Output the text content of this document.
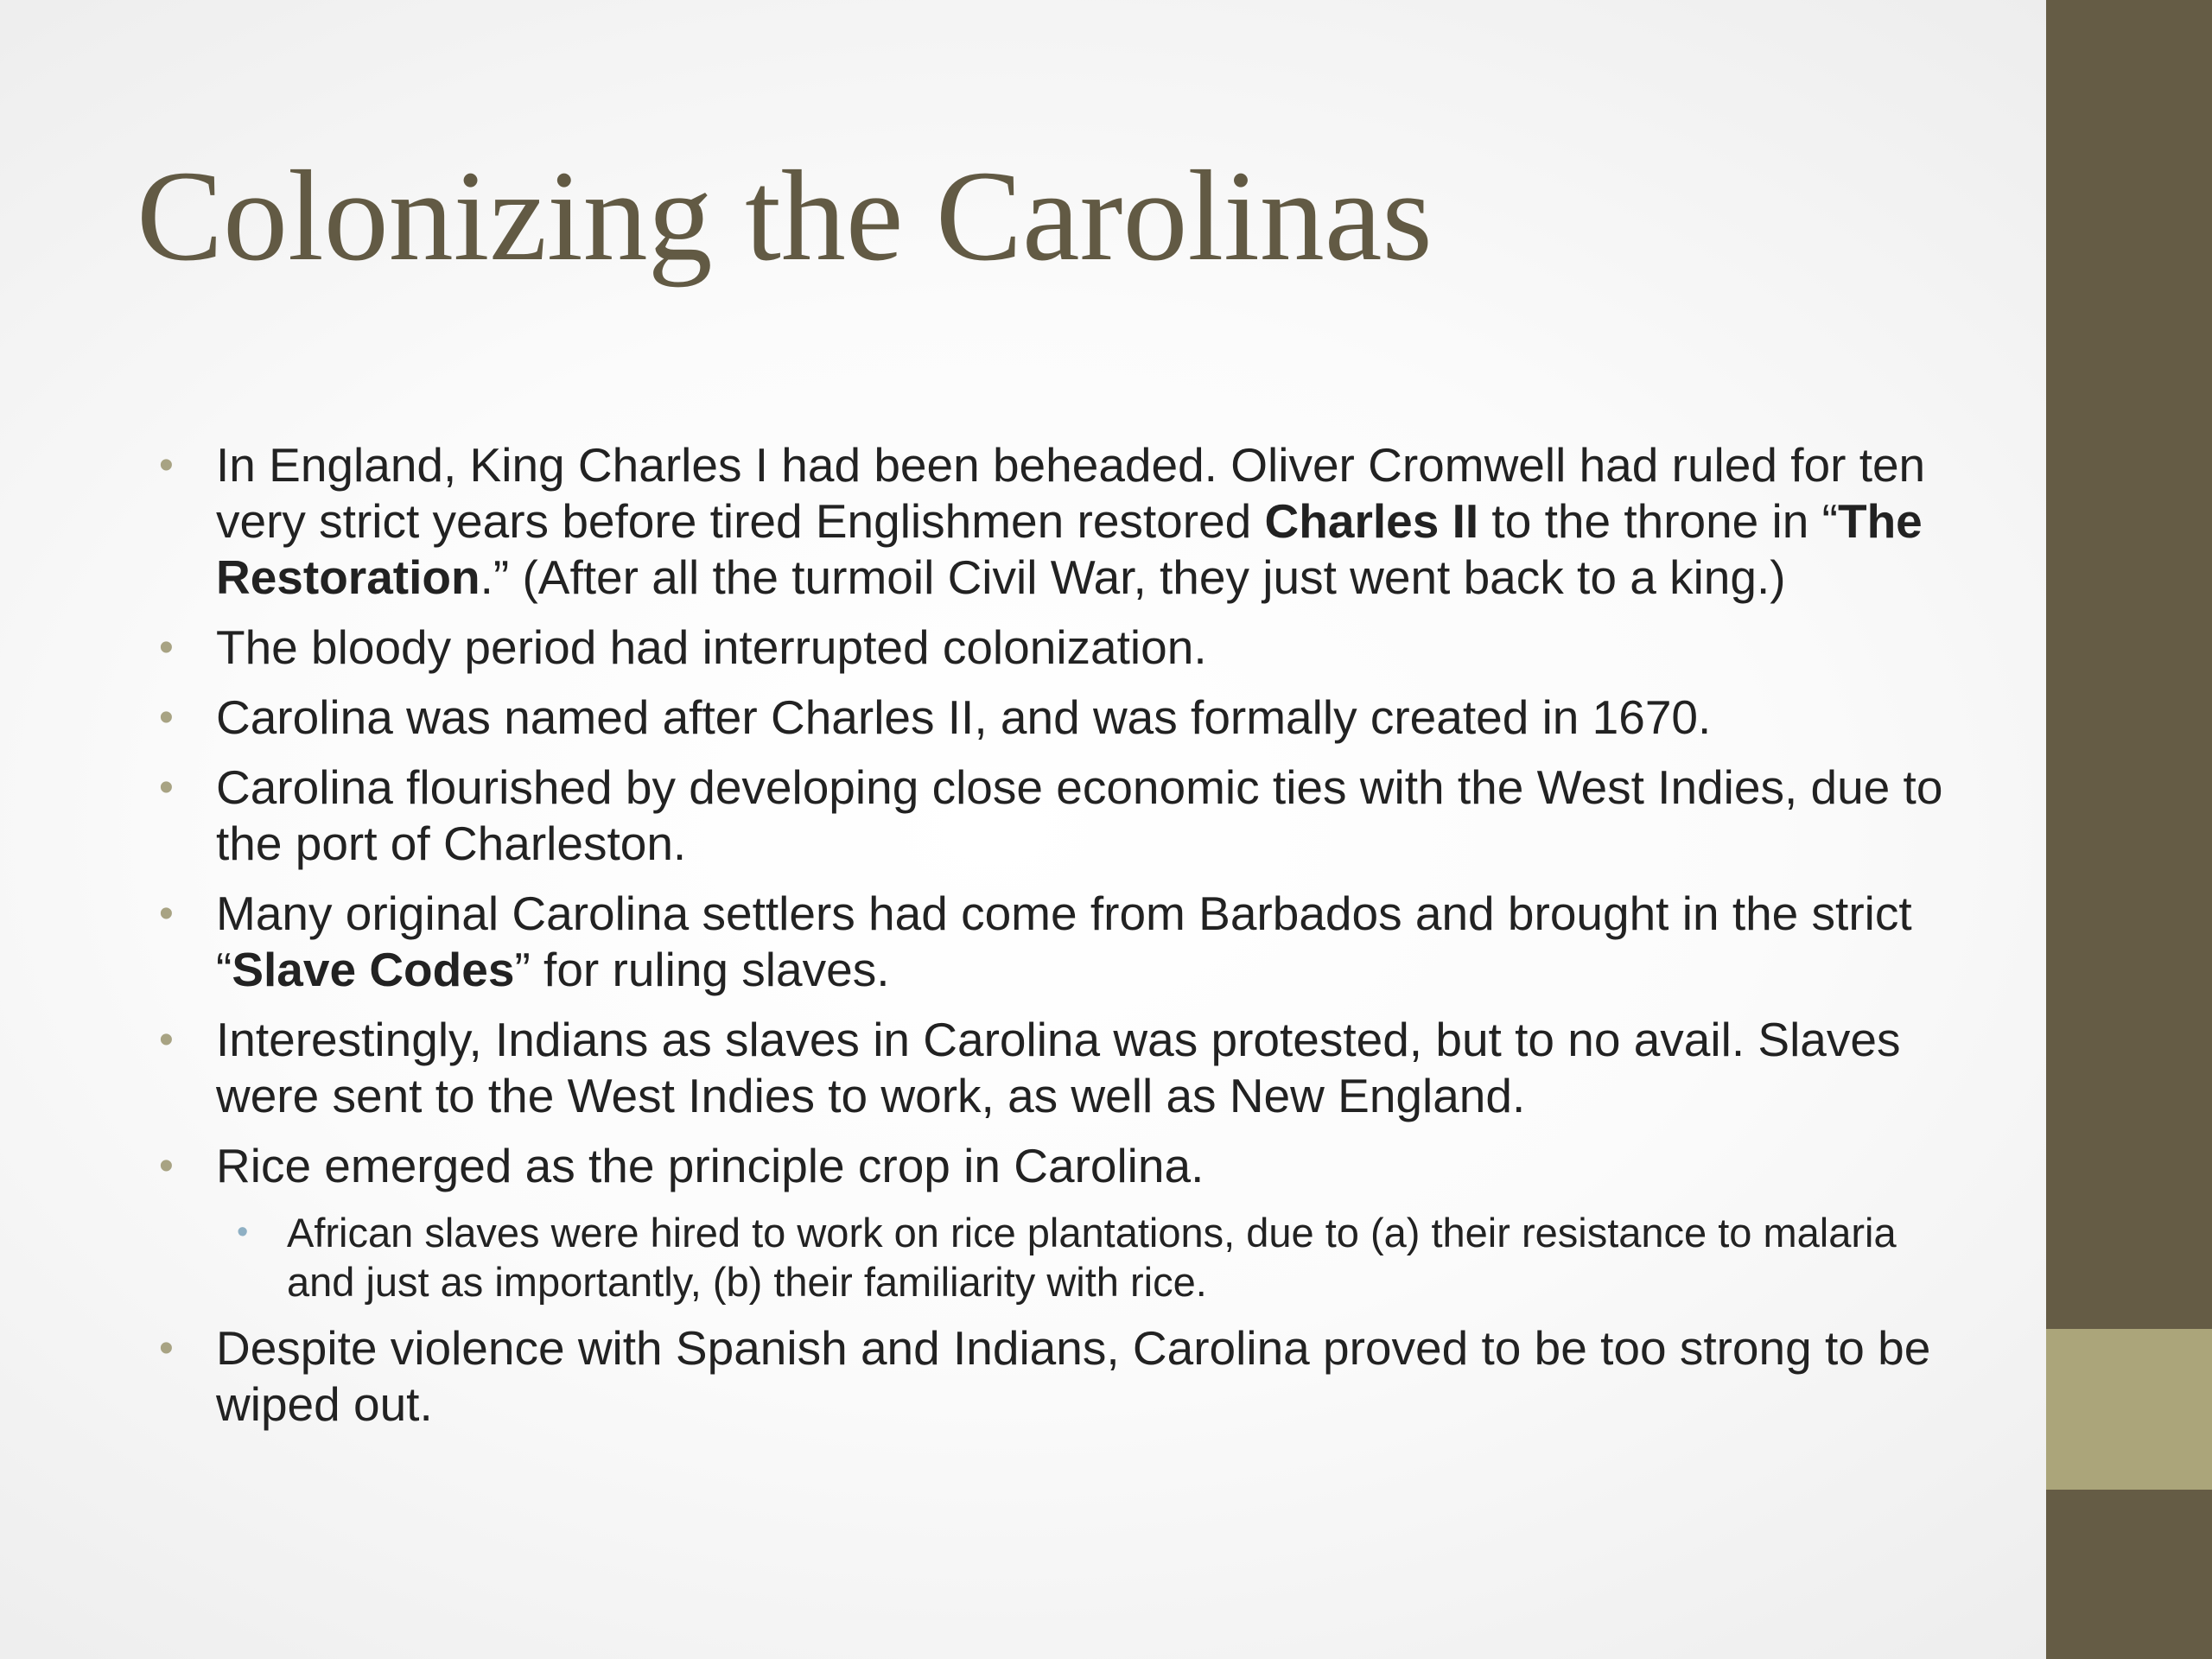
Colonizing the Carolinas
• In England, King Charles I had been beheaded. Oliver Cromwell had ruled for ten very strict years before tired Englishmen restored Charles II to the throne in “The Restoration.” (After all the turmoil Civil War, they just went back to a king.)
• The bloody period had interrupted colonization.
• Carolina was named after Charles II, and was formally created in 1670.
• Carolina flourished by developing close economic ties with the West Indies, due to the port of Charleston.
• Many original Carolina settlers had come from Barbados and brought in the strict “Slave Codes” for ruling slaves.
• Interestingly, Indians as slaves in Carolina was protested, but to no avail. Slaves were sent to the West Indies to work, as well as New England.
• Rice emerged as the principle crop in Carolina.
• African slaves were hired to work on rice plantations, due to (a) their resistance to malaria and just as importantly, (b) their familiarity with rice.
• Despite violence with Spanish and Indians, Carolina proved to be too strong to be wiped out.
